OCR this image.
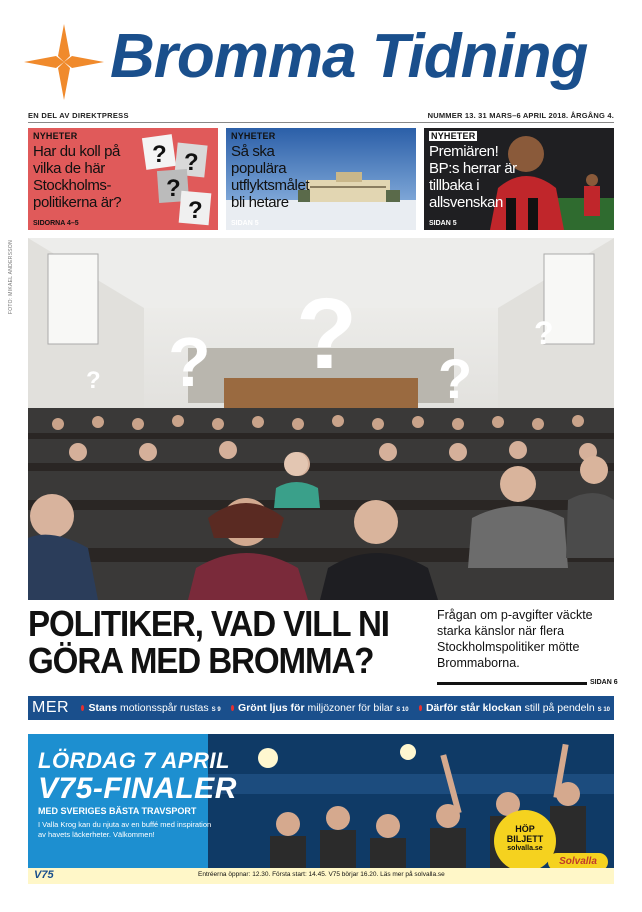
Bromma Tidning
EN DEL AV DIREKTPRESS	NUMMER 13. 31 MARS–6 APRIL 2018. ÅRGÅNG 4.
? ?
?
?
NYHETER
Har du koll på vilka de här Stockholms-politikerna är?
SIDORNA 4–5
NYHETER
Så ska populära utflyktsmålet bli hetare
SIDAN 5
NYHETER
Premiären! BP:s herrar är tillbaka i allsvenskan
SIDAN 5
FOTO: MIKAEL ANDERSSON
?
?	?
?
?
POLITIKER, VAD VILL NI GÖRA MED BROMMA?
Frågan om p-avgifter väckte starka känslor när flera Stockholmspolitiker mötte Brommaborna.
SIDAN 6
MER	Stans motionsspår rustas S 9	Grönt ljus för miljözoner för bilar S 10	Därför står klockan still på pendeln S 10
LÖRDAG 7 APRIL
V75-FINALER
MED SVERIGES BÄSTA TRAVSPORT
I Valla Krog kan du njuta av en buffé med inspiration av havets läckerheter. Välkommen!
HÖP
BILJETT
solvalla.se
Solvalla
V75	Entréerna öppnar: 12.30. Första start: 14.45. V75 börjar 16.20. Läs mer på solvalla.se
